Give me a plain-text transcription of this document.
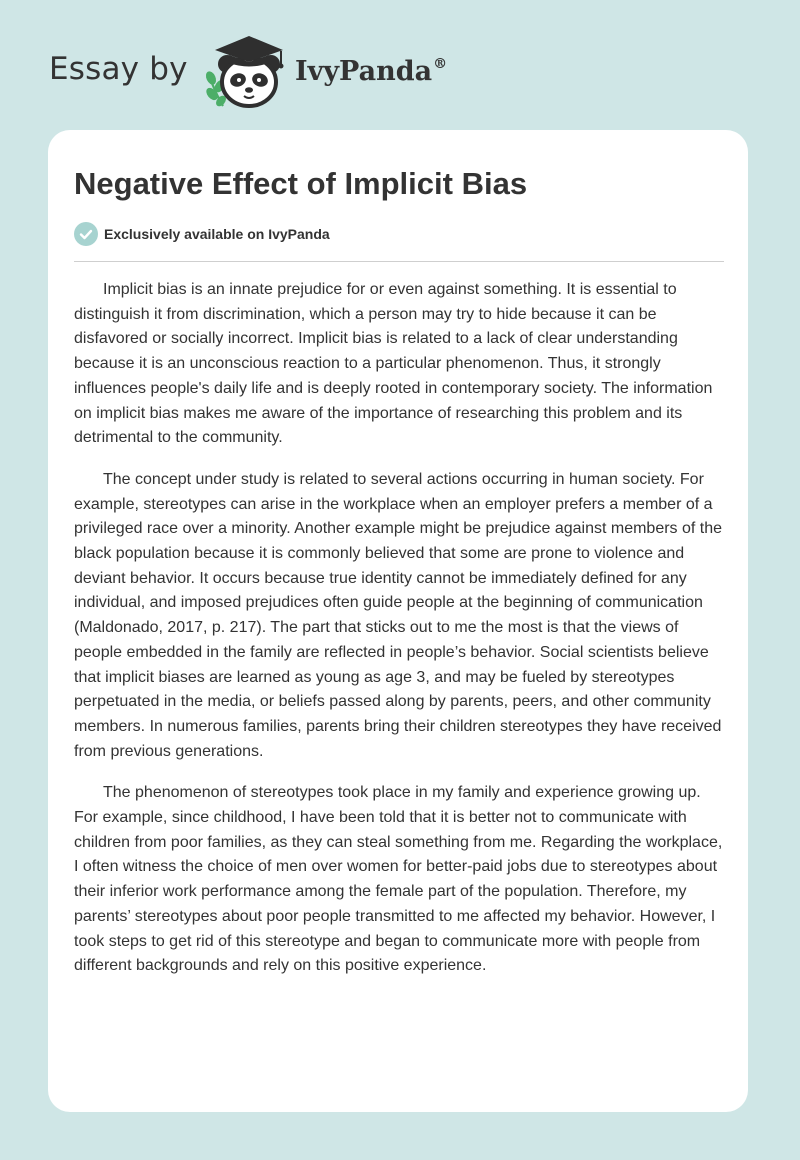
Essay by	IvyPanda®
Negative Effect of Implicit Bias
Exclusively available on IvyPanda

Implicit bias is an innate prejudice for or even against something. It is essential to distinguish it from discrimination, which a person may try to hide because it can be disfavored or socially incorrect. Implicit bias is related to a lack of clear understanding because it is an unconscious reaction to a particular phenomenon. Thus, it strongly influences people's daily life and is deeply rooted in contemporary society. The information on implicit bias makes me aware of the importance of researching this problem and its detrimental to the community.

The concept under study is related to several actions occurring in human society. For example, stereotypes can arise in the workplace when an employer prefers a member of a privileged race over a minority. Another example might be prejudice against members of the black population because it is commonly believed that some are prone to violence and deviant behavior. It occurs because true identity cannot be immediately defined for any individual, and imposed prejudices often guide people at the beginning of communication (Maldonado, 2017, p. 217). The part that sticks out to me the most is that the views of people embedded in the family are reflected in people’s behavior. Social scientists believe that implicit biases are learned as young as age 3, and may be fueled by stereotypes perpetuated in the media, or beliefs passed along by parents, peers, and other community members. In numerous families, parents bring their children stereotypes they have received from previous generations.

The phenomenon of stereotypes took place in my family and experience growing up. For example, since childhood, I have been told that it is better not to communicate with children from poor families, as they can steal something from me. Regarding the workplace, I often witness the choice of men over women for better-paid jobs due to stereotypes about their inferior work performance among the female part of the population. Therefore, my parents’ stereotypes about poor people transmitted to me affected my behavior. However, I took steps to get rid of this stereotype and began to communicate more with people from different backgrounds and rely on this positive experience.
